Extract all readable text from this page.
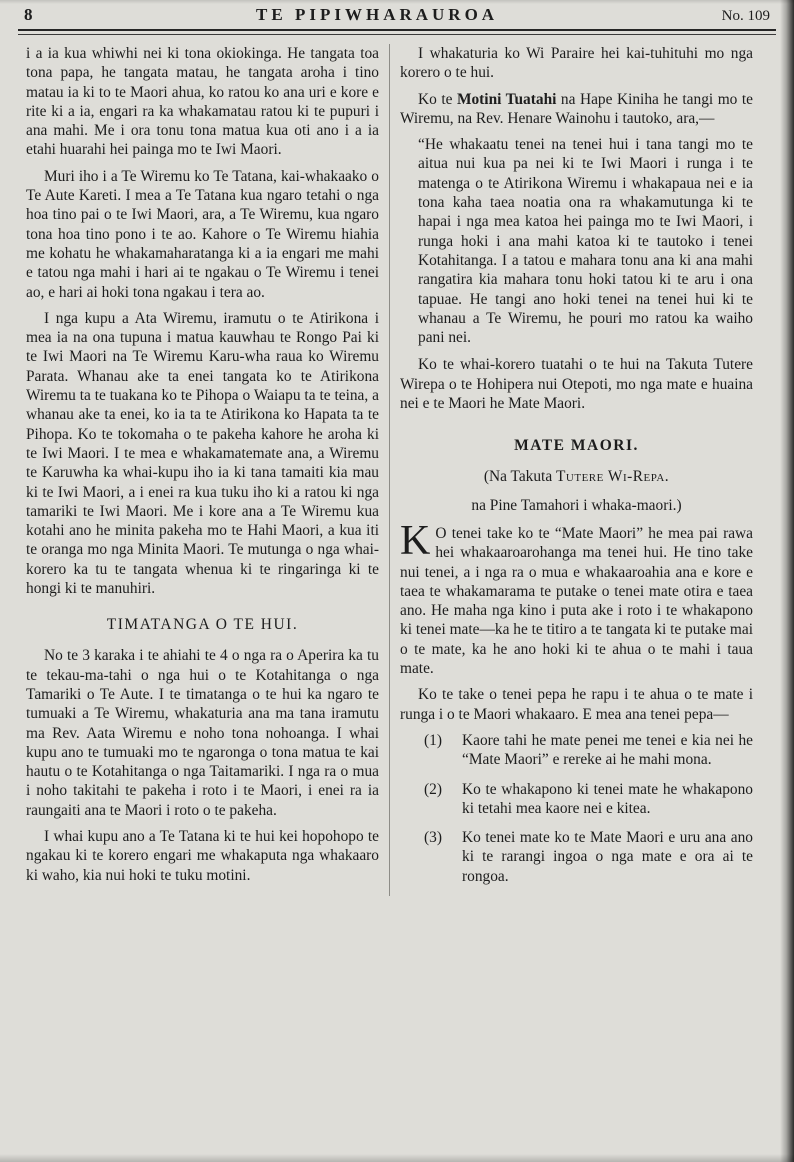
8	TE PIPIWHARAUROA	No. 109

i a ia kua whiwhi nei ki tona okiokinga. He tangata toa tona papa, he tangata matau, he tangata aroha i tino matau ia ki to te Maori ahua, ko ratou ko ana uri e kore e rite ki a ia, engari ra ka whakamatau ratou ki te pupuri i ana mahi. Me i ora tonu tona matua kua oti ano i a ia etahi huarahi hei painga mo te Iwi Maori.

Muri iho i a Te Wiremu ko Te Tatana, kai-whakaako o Te Aute Kareti. I mea a Te Tatana kua ngaro tetahi o nga hoa tino pai o te Iwi Maori, ara, a Te Wiremu, kua ngaro tona hoa tino pono i te ao. Kahore o Te Wiremu hiahia me kohatu he whakamaharatanga ki a ia engari me mahi e tatou nga mahi i hari ai te ngakau o Te Wiremu i tenei ao, e hari ai hoki tona ngakau i tera ao.

I nga kupu a Ata Wiremu, iramutu o te Atirikona i mea ia na ona tupuna i matua kauwhau te Rongo Pai ki te Iwi Maori na Te Wiremu Karu-wha raua ko Wiremu Parata. Whanau ake ta enei tangata ko te Atirikona Wiremu ta te tuakana ko te Pihopa o Waiapu ta te teina, a whanau ake ta enei, ko ia ta te Atirikona ko Hapata ta te Pihopa. Ko te tokomaha o te pakeha kahore he aroha ki te Iwi Maori. I te mea e whakamatemate ana, a Wiremu te Karuwha ka whai-kupu iho ia ki tana tamaiti kia mau ki te Iwi Maori, a i enei ra kua tuku iho ki a ratou ki nga tamariki te Iwi Maori. Me i kore ana a Te Wiremu kua kotahi ano he minita pakeha mo te Hahi Maori, a kua iti te oranga mo nga Minita Maori. Te mutunga o nga whai-korero ka tu te tangata whenua ki te ringaringa ki te hongi ki te manuhiri.

TIMATANGA O TE HUI.

No te 3 karaka i te ahiahi te 4 o nga ra o Aperira ka tu te tekau-ma-tahi o nga hui o te Kotahitanga o nga Tamariki o Te Aute. I te timatanga o te hui ka ngaro te tumuaki a Te Wiremu, whakaturia ana ma tana iramutu ma Rev. Aata Wiremu e noho tona nohoanga. I whai kupu ano te tumuaki mo te ngaronga o tona matua te kai hautu o te Kotahitanga o nga Taitamariki. I nga ra o mua i noho takitahi te pakeha i roto i te Maori, i enei ra ia raungaiti ana te Maori i roto o te pakeha.

I whai kupu ano a Te Tatana ki te hui kei hopohopo te ngakau ki te korero engari me whakaputa nga whakaaro ki waho, kia nui hoki te tuku motini.

I whakaturia ko Wi Paraire hei kai-tuhituhi mo nga korero o te hui.

Ko te Motini Tuatahi na Hape Kiniha he tangi mo te Wiremu, na Rev. Henare Wainohu i tautoko, ara,—

“He whakaatu tenei na tenei hui i tana tangi mo te aitua nui kua pa nei ki te Iwi Maori i runga i te matenga o te Atirikona Wiremu i whakapaua nei e ia tona kaha taea noatia ona ra whakamutunga ki te hapai i nga mea katoa hei painga mo te Iwi Maori, i runga hoki i ana mahi katoa ki te tautoko i tenei Kotahitanga. I a tatou e mahara tonu ana ki ana mahi rangatira kia mahara tonu hoki tatou ki te aru i ona tapuae. He tangi ano hoki tenei na tenei hui ki te whanau a Te Wiremu, he pouri mo ratou ka waiho pani nei.

Ko te whai-korero tuatahi o te hui na Takuta Tutere Wirepa o te Hohipera nui Otepoti, mo nga mate e huaina nei e te Maori he Mate Maori.

MATE MAORI.

(Na Takuta Tutere Wi-Repa.

na Pine Tamahori i whaka-maori.)

K O tenei take ko te “Mate Maori” he mea pai rawa hei whakaaroarohanga ma tenei hui. He tino take nui tenei, a i nga ra o mua e whakaaroahia ana e kore e taea te whakamarama te putake o tenei mate otira e taea ano. He maha nga kino i puta ake i roto i te whakapono ki tenei mate—ka he te titiro a te tangata ki te putake mai o te mate, ka he ano hoki ki te ahua o te mahi i taua mate.

Ko te take o tenei pepa he rapu i te ahua o te mate i runga i o te Maori whakaaro. E mea ana tenei pepa—

(1)	Kaore tahi he mate penei me tenei e kia nei he “Mate Maori” e rereke ai he mahi mona.
(2)	Ko te whakapono ki tenei mate he whakapono ki tetahi mea kaore nei e kitea.
(3)	Ko tenei mate ko te Mate Maori e uru ana ano ki te rarangi ingoa o nga mate e ora ai te rongoa.
